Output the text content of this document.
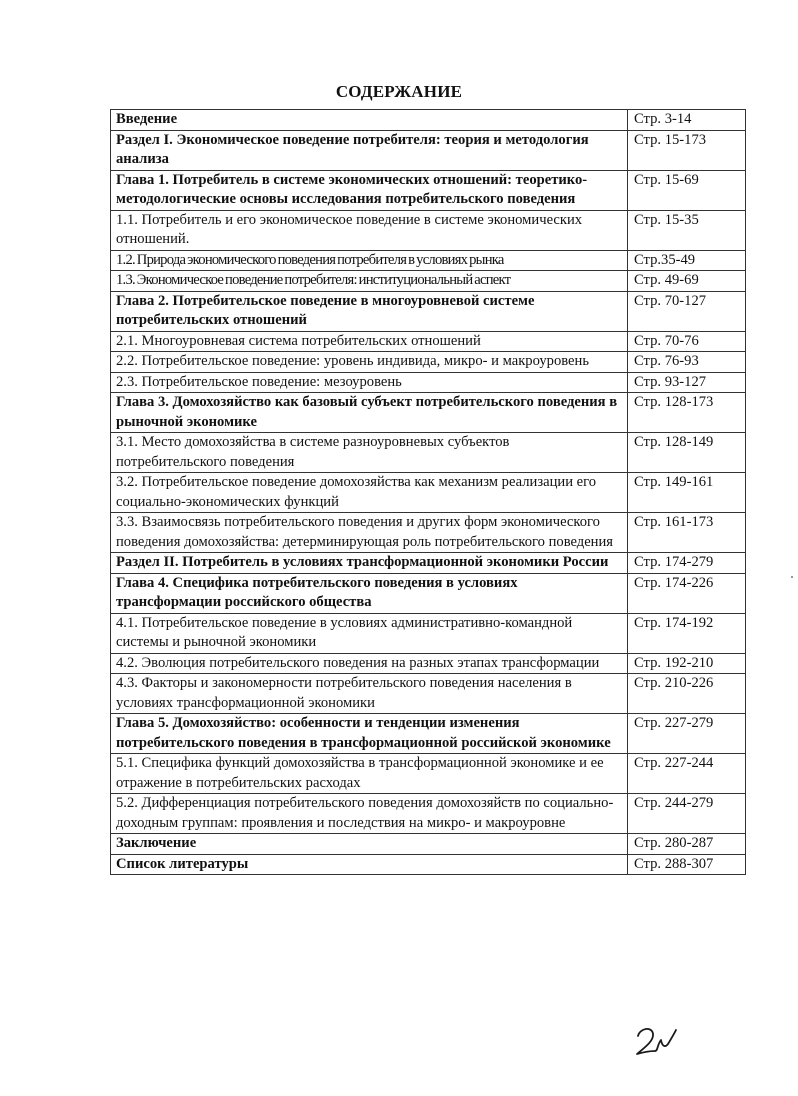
СОДЕРЖАНИЕ
Введение	Стр. 3-14
Раздел I. Экономическое поведение потребителя: теория и методология анализа	Стр. 15-173
Глава 1. Потребитель в системе экономических отношений: теоретико-методологические основы исследования потребительского поведения	Стр. 15-69
1.1. Потребитель и его экономическое поведение в системе экономических отношений.	Стр. 15-35
1.2. Природа экономического поведения потребителя в условиях рынка	Стр.35-49
1.3. Экономическое поведение потребителя: институциональный аспект	Стр. 49-69
Глава 2. Потребительское поведение в многоуровневой системе потребительских отношений	Стр. 70-127
2.1. Многоуровневая система потребительских отношений	Стр. 70-76
2.2. Потребительское поведение: уровень индивида, микро- и макроуровень	Стр. 76-93
2.3. Потребительское поведение: мезоуровень	Стр. 93-127
Глава 3. Домохозяйство как базовый субъект потребительского поведения в рыночной экономике	Стр. 128-173
3.1. Место домохозяйства в системе разноуровневых субъектов потребительского поведения	Стр. 128-149
3.2. Потребительское поведение домохозяйства как механизм реализации его социально-экономических функций	Стр. 149-161
3.3. Взаимосвязь потребительского поведения и других форм экономического поведения домохозяйства: детерминирующая роль потребительского поведения	Стр. 161-173
Раздел II. Потребитель в условиях трансформационной экономики России	Стр. 174-279
Глава 4. Специфика потребительского поведения в условиях трансформации российского общества	Стр. 174-226
4.1. Потребительское поведение в условиях административно-командной системы и рыночной экономики	Стр. 174-192
4.2. Эволюция потребительского поведения на разных этапах трансформации	Стр. 192-210
4.3. Факторы и закономерности потребительского поведения населения в условиях трансформационной экономики	Стр. 210-226
Глава 5. Домохозяйство: особенности и тенденции изменения потребительского поведения в трансформационной российской экономике	Стр. 227-279
5.1. Специфика функций домохозяйства в трансформационной экономике и ее отражение в потребительских расходах	Стр. 227-244
5.2. Дифференциация потребительского поведения домохозяйств по социально-доходным группам: проявления и последствия на микро- и макроуровне	Стр. 244-279
Заключение	Стр. 280-287
Список литературы	Стр. 288-307
